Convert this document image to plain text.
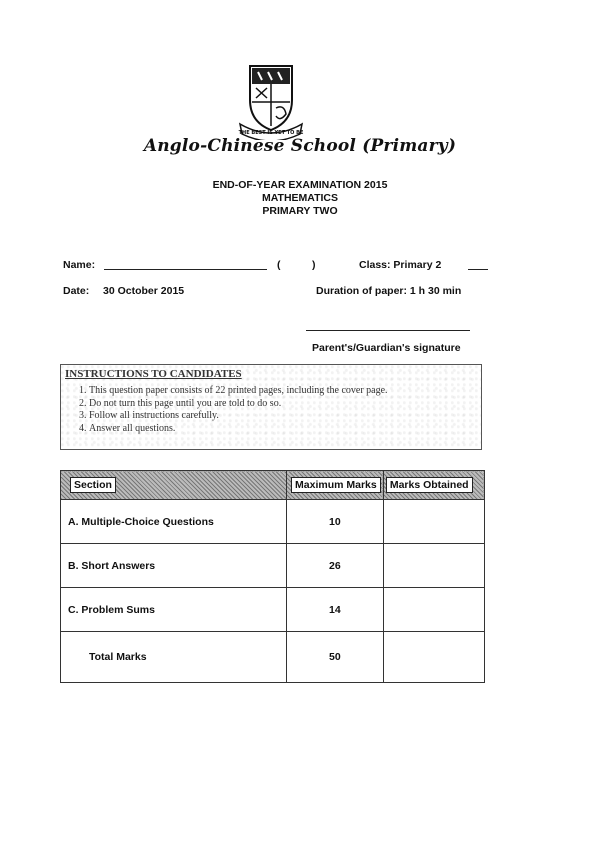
THE BEST IS YET TO BE
Anglo-Chinese School (Primary)
END-OF-YEAR EXAMINATION 2015
MATHEMATICS
PRIMARY TWO
Name:	(	)	Class: Primary 2
Date: 30 October 2015	Duration of paper: 1 h 30 min
Parent's/Guardian's signature
INSTRUCTIONS TO CANDIDATES
1. This question paper consists of 22 printed pages, including the cover page.
2. Do not turn this page until you are told to do so.
3. Follow all instructions carefully.
4. Answer all questions.
Section	Maximum Marks	Marks Obtained
A. Multiple-Choice Questions	10	
B. Short Answers	26	
C. Problem Sums	14	
Total Marks	50	
